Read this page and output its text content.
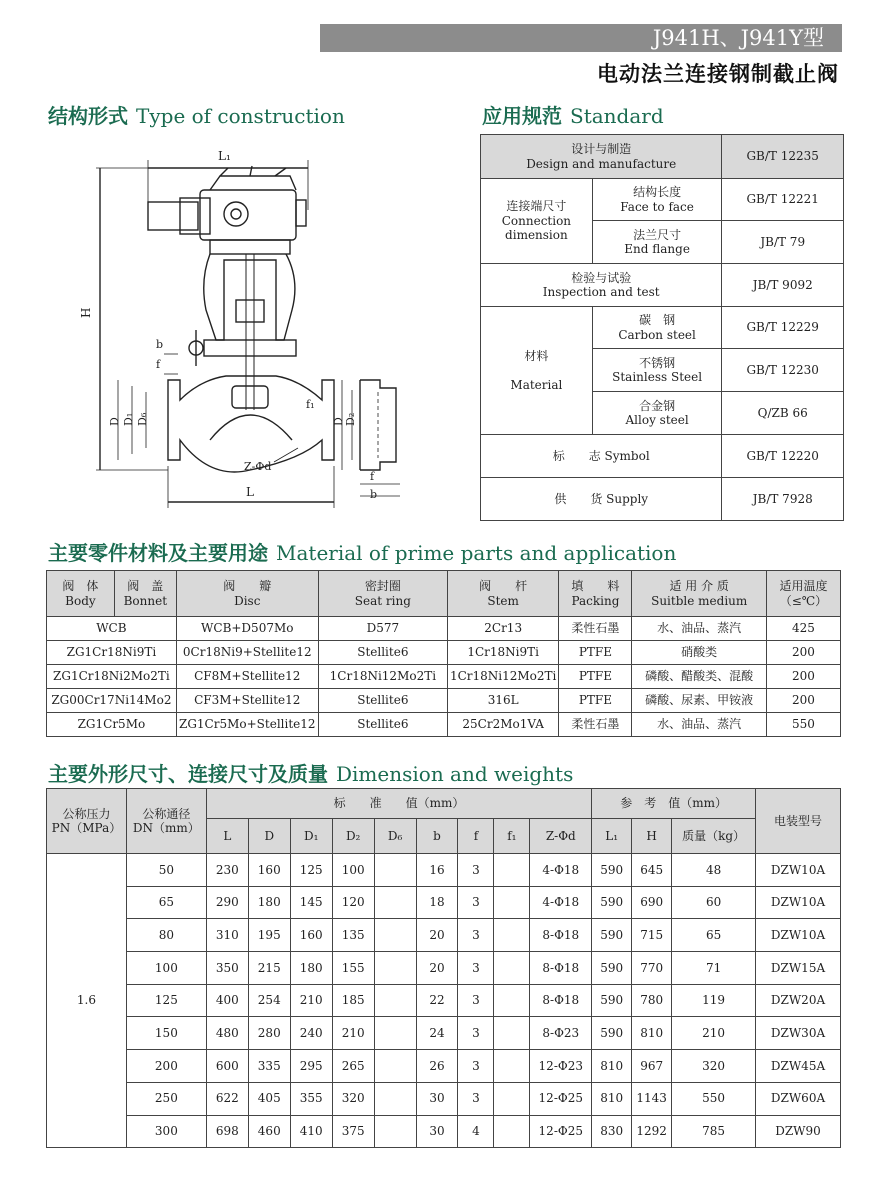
J941H、J941Y型
电动法兰连接钢制截止阀
结构形式 Type of construction	应用规范 Standard
主要零件材料及主要用途 Material of prime parts and application
主要外形尺寸、连接尺寸及质量 Dimension and weights
L₁
H
b
f
D D₁ D₆
Z-Φd
L
D D₂
f₁
f
b
设计与制造
Design and manufacture		GB/T 12235
连接端尺寸
Connection
dimension	结构长度
Face to face	GB/T 12221
	法兰尺寸
End flange	JB/T 79
检验与试验
Inspection and test		JB/T 9092
材料

Material	碳　钢
Carbon steel	GB/T 12229
	不锈钢
Stainless Steel	GB/T 12230
	合金钢
Alloy steel	Q/ZB 66
标　　志 Symbol		GB/T 12220
供　　货 Supply		JB/T 7928
阀　体
Body	阀　盖
Bonnet	阀　　瓣
Disc	密封圈
Seat ring	阀　　杆
Stem	填　　料
Packing	适 用 介 质
Suitble medium	适用温度
（≤℃）
WCB		WCB+D507Mo	D577	2Cr13	柔性石墨	水、油品、蒸汽	425
ZG1Cr18Ni9Ti		0Cr18Ni9+Stellite12	Stellite6	1Cr18Ni9Ti	PTFE	硝酸类	200
ZG1Cr18Ni2Mo2Ti		CF8M+Stellite12	1Cr18Ni12Mo2Ti	1Cr18Ni12Mo2Ti	PTFE	磷酸、醋酸类、混酸	200
ZG00Cr17Ni14Mo2		CF3M+Stellite12	Stellite6	316L	PTFE	磷酸、尿素、甲铵液	200
ZG1Cr5Mo		ZG1Cr5Mo+Stellite12	Stellite6	25Cr2Mo1VA	柔性石墨	水、油品、蒸汽	550
公称压力
PN（MPa）	公称通径
DN（mm）	标　　准　　值（mm）									参　考　值（mm）			电装型号
		L	D	D₁	D₂	D₆	b	f	f₁	Z-Φd	L₁	H	质量（kg）	
1.6	50	230	160	125	100		16	3		4-Φ18	590	645	48	DZW10A
	65	290	180	145	120		18	3		4-Φ18	590	690	60	DZW10A
	80	310	195	160	135		20	3		8-Φ18	590	715	65	DZW10A
	100	350	215	180	155		20	3		8-Φ18	590	770	71	DZW15A
	125	400	254	210	185		22	3		8-Φ18	590	780	119	DZW20A
	150	480	280	240	210		24	3		8-Φ23	590	810	210	DZW30A
	200	600	335	295	265		26	3		12-Φ23	810	967	320	DZW45A
	250	622	405	355	320		30	3		12-Φ25	810	1143	550	DZW60A
	300	698	460	410	375		30	4		12-Φ25	830	1292	785	DZW90
